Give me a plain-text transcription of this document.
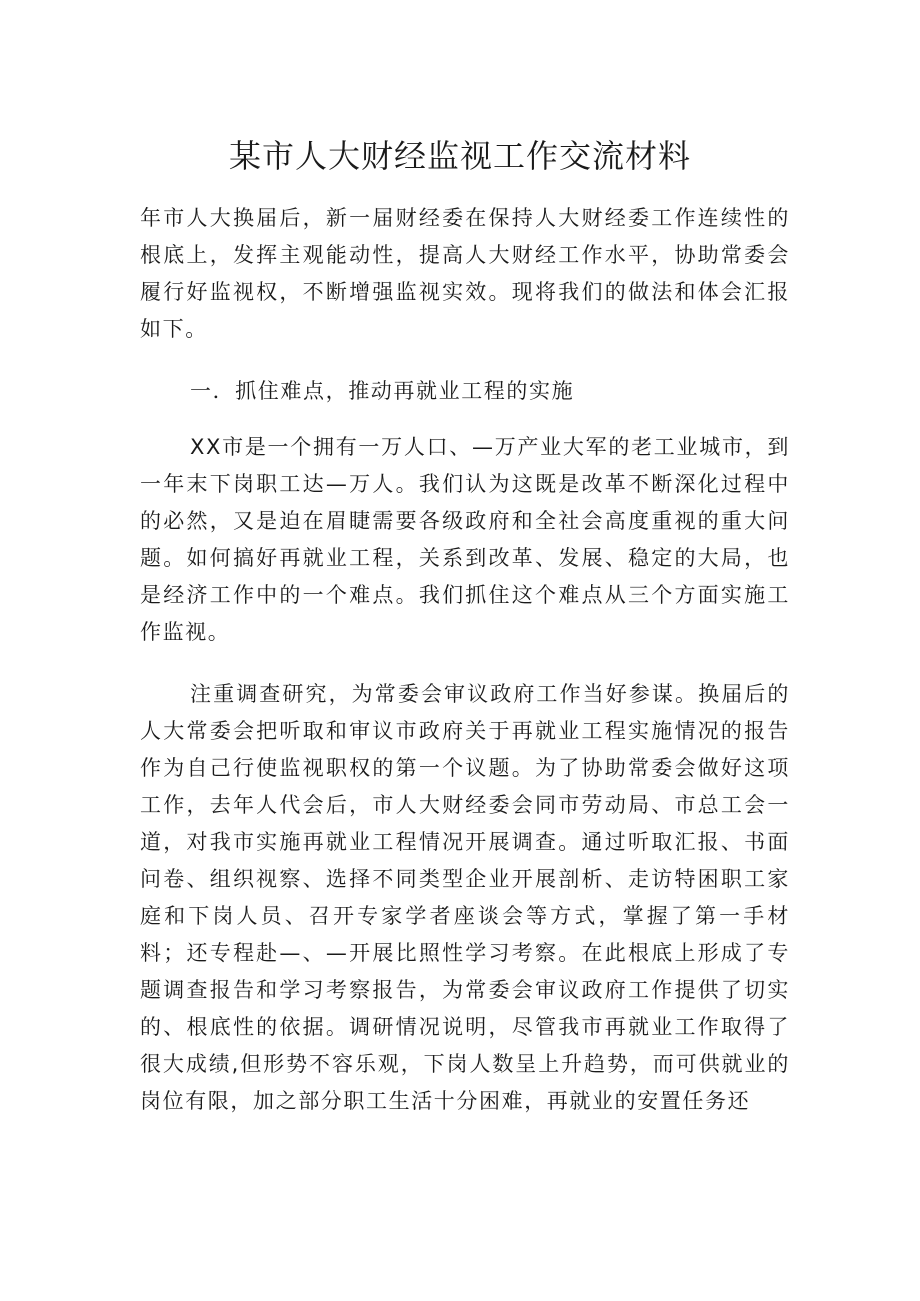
某市人大财经监视工作交流材料

年市人大换届后，新一届财经委在保持人大财经委工作连续性的根底上，发挥主观能动性，提高人大财经工作水平，协助常委会履行好监视权，不断增强监视实效。现将我们的做法和体会汇报如下。

一．抓住难点，推动再就业工程的实施

XX市是一个拥有一万人口、—万产业大军的老工业城市，到一年末下岗职工达—万人。我们认为这既是改革不断深化过程中的必然，又是迫在眉睫需要各级政府和全社会高度重视的重大问题。如何搞好再就业工程，关系到改革、发展、稳定的大局，也是经济工作中的一个难点。我们抓住这个难点从三个方面实施工作监视。

注重调查研究，为常委会审议政府工作当好参谋。换届后的人大常委会把听取和审议市政府关于再就业工程实施情况的报告作为自己行使监视职权的第一个议题。为了协助常委会做好这项工作，去年人代会后，市人大财经委会同市劳动局、市总工会一道，对我市实施再就业工程情况开展调查。通过听取汇报、书面问卷、组织视察、选择不同类型企业开展剖析、走访特困职工家庭和下岗人员、召开专家学者座谈会等方式，掌握了第一手材料；还专程赴—、—开展比照性学习考察。在此根底上形成了专题调查报告和学习考察报告，为常委会审议政府工作提供了切实的、根底性的依据。调研情况说明，尽管我市再就业工作取得了很大成绩,但形势不容乐观，下岗人数呈上升趋势，而可供就业的岗位有限，加之部分职工生活十分困难，再就业的安置任务还
